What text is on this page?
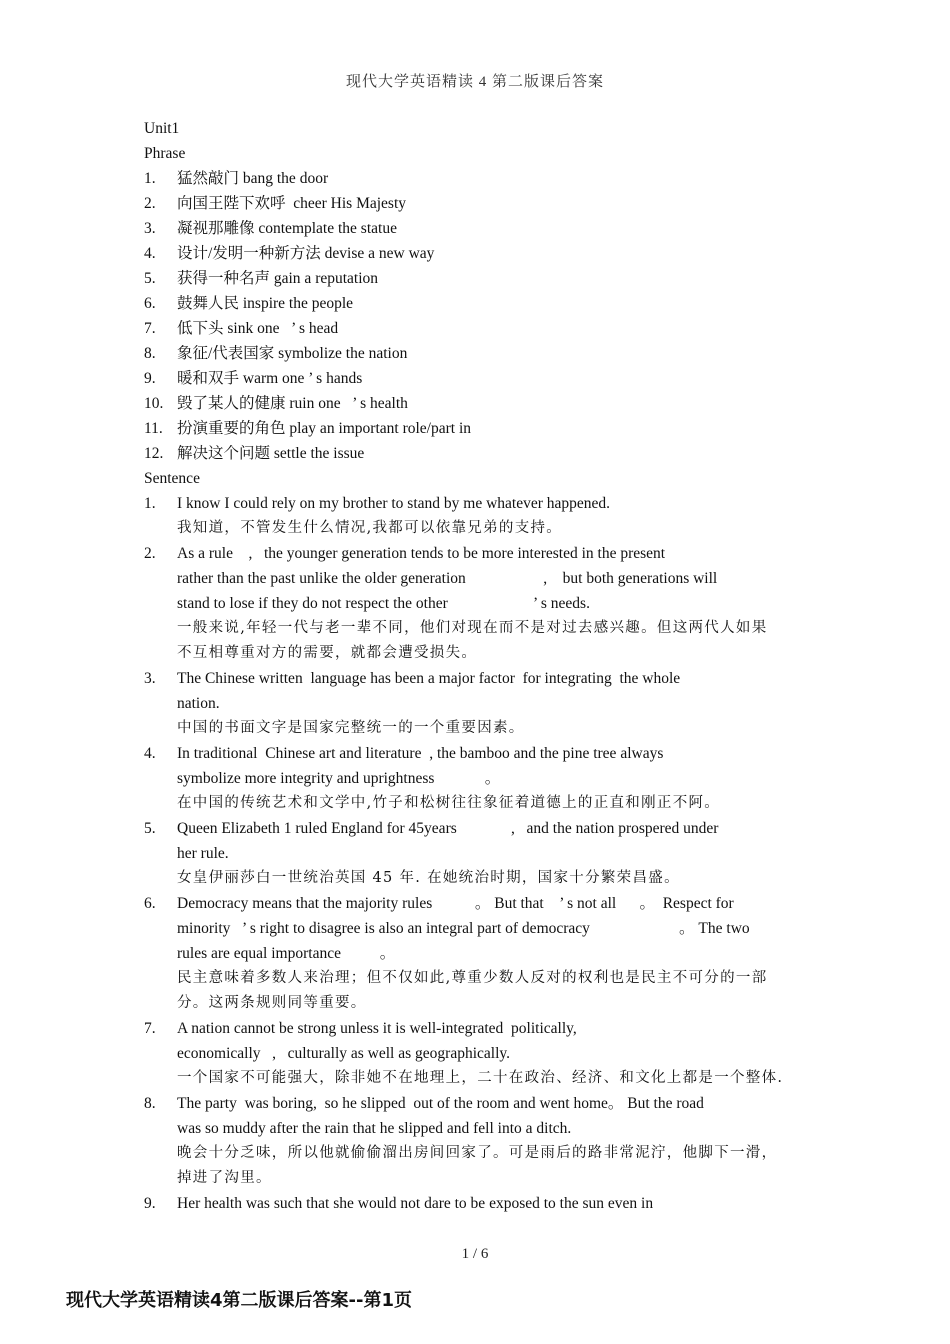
现代大学英语精读 4 第二版课后答案
Unit1
Phrase
1. 猛然敲门 bang the door
2. 向国王陛下欢呼  cheer His Majesty
3. 凝视那雕像 contemplate the statue
4. 设计/发明一种新方法 devise a new way
5. 获得一种名声 gain a reputation
6. 鼓舞人民 inspire the people
7. 低下头 sink one   ’ s head
8. 象征/代表国家 symbolize the nation
9. 暖和双手 warm one ’ s hands
10. 毁了某人的健康 ruin one   ’ s health
11. 扮演重要的角色 play an important role/part in
12. 解决这个问题 settle the issue
Sentence
1. I know I could rely on my brother to stand by me whatever happened.
我知道，不管发生什么情况,我都可以依靠兄弟的支持。
2. As a rule    ,   the younger generation tends to be more interested in the present
rather than the past unlike the older generation                    ,    but both generations will
stand to lose if they do not respect the other                      ’ s needs.
一般来说,年轻一代与老一辈不同，他们对现在而不是对过去感兴趣。但这两代人如果
不互相尊重对方的需要，就都会遭受损失。
3. The Chinese written  language has been a major factor  for integrating  the whole
nation.
中国的书面文字是国家完整统一的一个重要因素。
4. In traditional  Chinese art and literature  , the bamboo and the pine tree always
symbolize more integrity and uprightness             。
在中国的传统艺术和文学中,竹子和松树往往象征着道德上的正直和刚正不阿。
5. Queen Elizabeth 1 ruled England for 45years              ,   and the nation prospered under
her rule.
女皇伊丽莎白一世统治英国 45 年. 在她统治时期，国家十分繁荣昌盛。
6. Democracy means that the majority rules           。 But that    ’ s not all      。  Respect for
minority   ’ s right to disagree is also an integral part of democracy                       。 The two
rules are equal importance          。
民主意味着多数人来治理；但不仅如此,尊重少数人反对的权利也是民主不可分的一部
分。这两条规则同等重要。
7. A nation cannot be strong unless it is well-integrated  politically,
economically   ,   culturally as well as geographically.
一个国家不可能强大，除非她不在地理上，二十在政治、经济、和文化上都是一个整体.
8. The party  was boring,  so he slipped  out of the room and went home。 But the road
was so muddy after the rain that he slipped and fell into a ditch.
晚会十分乏味，所以他就偷偷溜出房间回家了。可是雨后的路非常泥泞，他脚下一滑，
掉进了沟里。
9. Her health was such that she would not dare to be exposed to the sun even in
1 / 6
现代大学英语精读4第二版课后答案--第1页
